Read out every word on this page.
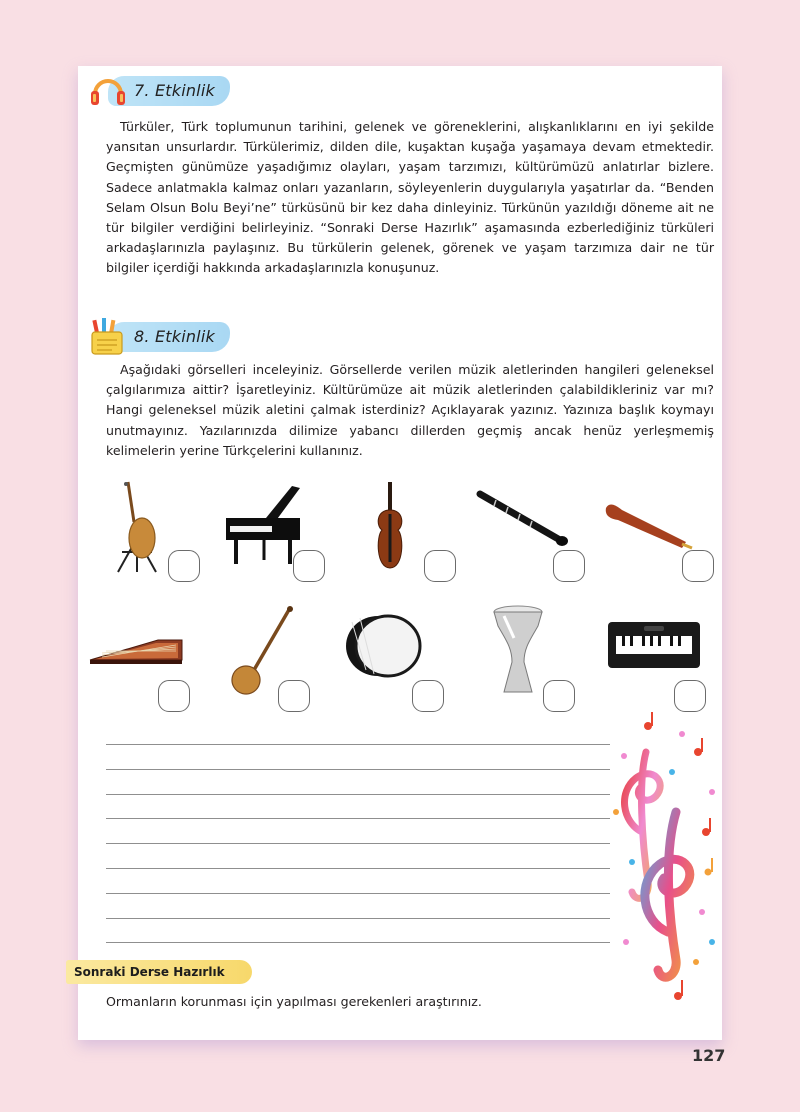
7. Etkinlik

Türküler, Türk toplumunun tarihini, gelenek ve göreneklerini, alışkanlıklarını en iyi şekilde yansıtan unsurlardır. Türkülerimiz, dilden dile, kuşaktan kuşağa yaşamaya devam etmektedir. Geçmişten günümüze yaşadığımız olayları, yaşam tarzımızı, kültürümüzü anlatırlar bizlere. Sadece anlatmakla kalmaz onları yazanların, söyleyenlerin duygularıyla yaşatırlar da. “Benden Selam Olsun Bolu Beyi’ne” türküsünü bir kez daha dinleyiniz. Türkünün yazıldığı döneme ait ne tür bilgiler verdiğini belirleyiniz. “Sonraki Derse Hazırlık” aşamasında ezberlediğiniz türküleri arkadaşlarınızla paylaşınız. Bu türkülerin gelenek, görenek ve yaşam tarzımıza dair ne tür bilgiler içerdiği hakkında arkadaşlarınızla konuşunuz.

8. Etkinlik

Aşağıdaki görselleri inceleyiniz. Görsellerde verilen müzik aletlerinden hangileri geleneksel çalgılarımıza aittir? İşaretleyiniz. Kültürümüze ait müzik aletlerinden çalabildikleriniz var mı? Hangi geleneksel müzik aletini çalmak isterdiniz? Açıklayarak yazınız. Yazınıza başlık koymayı unutmayınız. Yazılarınızda dilimize yabancı dillerden geçmiş ancak henüz yerleşmemiş kelimelerin yerine Türkçelerini kullanınız.

Sonraki Derse Hazırlık

Ormanların korunması için yapılması gerekenleri araştırınız.

127
